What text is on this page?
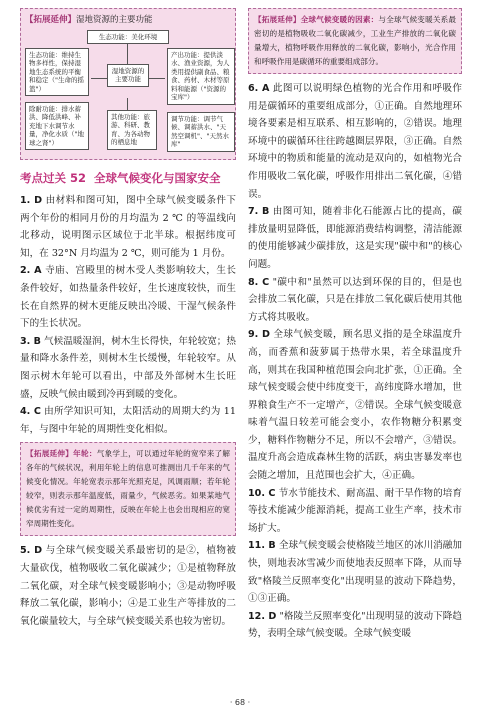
【拓展延伸】湿地资源的主要功能
生态功能：美化环境
湿地资源的主要功能
生态功能：维持生物多样性，保持湿地生态系统的平衡和稳定（"生命的摇篮"）
除耐功能：排水蓄洪、降低洪峰、补充地下水调节水量，净化水质（"地球之肾"）
产出功能：提供淡水、渔业资源，为人类用提供副食品、粮食、药材、木材等原料和能源（"资源的宝库"）
调节功能：调节气候、调蓄洪水、"天然空调机"、"天然水库"
其他功能：旅游、科研、教育、为各动物的栖息地
考点过关 52 全球气候变化与国家安全
1. D 由材料和图可知，图中全球气候变暖条件下两个年份的相同月份的月均温为 2 ℃ 的等温线向北移动，说明图示区域位于北半球。根据纬度可知，在 32°N 月均温为 2 ℃，则可能为 1 月份。
2. A 寺庙、宫殿里的树木受人类影响较大，生长条件较好，如热量条件较好，生长速度较快，而生长在自然界的树木更能反映出冷暖、干湿气候条件下的生长状况。
3. B 气候温暖湿润，树木生长得快，年轮较宽；热量和降水条件差，则树木生长缓慢，年轮较窄。从图示树木年轮可以看出，中部及外部树木生长旺盛，反映气候由暖到冷再到暖的变化。
4. C 由所学知识可知，太阳活动的周期大约为 11 年，与图中年轮的周期性变化相似。
【拓展延伸】年轮：气象学上，可以通过年轮的宽窄来了解各年的气候状况，利用年轮上的信息可推测出几千年来的气候变化情况。年轮宽表示那年光照充足，风调雨顺；若年轮较窄，则表示那年温度低，雨量少，气候恶劣。如果某地气候优劣有过一定的周期性，反映在年轮上也会出现相应的宽窄周期性变化。
5. D 与全球气候变暖关系最密切的是②，植物被大量砍伐，植物吸收二氧化碳减少；①是植物释放二氧化碳，对全球气候变暖影响小；③是动物呼吸释放二氧化碳，影响小；④是工业生产等排放的二氧化碳量较大，与全球气候变暖关系也较为密切。
【拓展延伸】全球气候变暖的因素：与全球气候变暖关系最密切的是植物吸收二氧化碳减少，工业生产排放的二氧化碳量增大，植物呼吸作用释放的二氧化碳，影响小，光合作用和呼吸作用是碳循环的重要组成部分。
6. A 此图可以说明绿色植物的光合作用和呼吸作用是碳循环的重要组成部分，①正确。自然地理环境各要素是相互联系、相互影响的，②错误。地理环境中的碳循环往往跨越圈层界限，③正确。自然环境中的物质和能量的流动是双向的，如植物光合作用吸收二氧化碳，呼吸作用排出二氧化碳，④错误。
7. B 由图可知，随着非化石能源占比的提高，碳排放量明显降低，即能源消费结构调整，清洁能源的使用能够减少碳排放，这是实现"碳中和"的核心问题。
8. C "碳中和"虽然可以达到环保的目的，但是也会排放二氧化碳，只是在排放二氧化碳后使用其他方式将其吸收。
9. D 全球气候变暖，顾名思义指的是全球温度升高，而香蕉和菠萝属于热带水果，若全球温度升高，则其在我国种植范围会向北扩张，①正确。全球气候变暖会使中纬度变干，高纬度降水增加，世界粮食生产不一定增产，②错误。全球气候变暖意味着气温日较差可能会变小，农作物糖分积累变少，糖料作物糖分不足，所以不会增产，③错误。温度升高会造成森林生物的活跃，病虫害暴发率也会随之增加，且范围也会扩大，④正确。
10. C 节水节能技术、耐高温、耐干旱作物的培育等技术能减少能源消耗，提高工业生产率，技术市场扩大。
11. B 全球气候变暖会使格陵兰地区的冰川消融加快，则地表冰雪减少而使地表反照率下降，从而导致"格陵兰反照率变化"出现明显的波动下降趋势，①③正确。
12. D "格陵兰反照率变化"出现明显的波动下降趋势，表明全球气候变暖。全球气候变暖
· 68 ·
